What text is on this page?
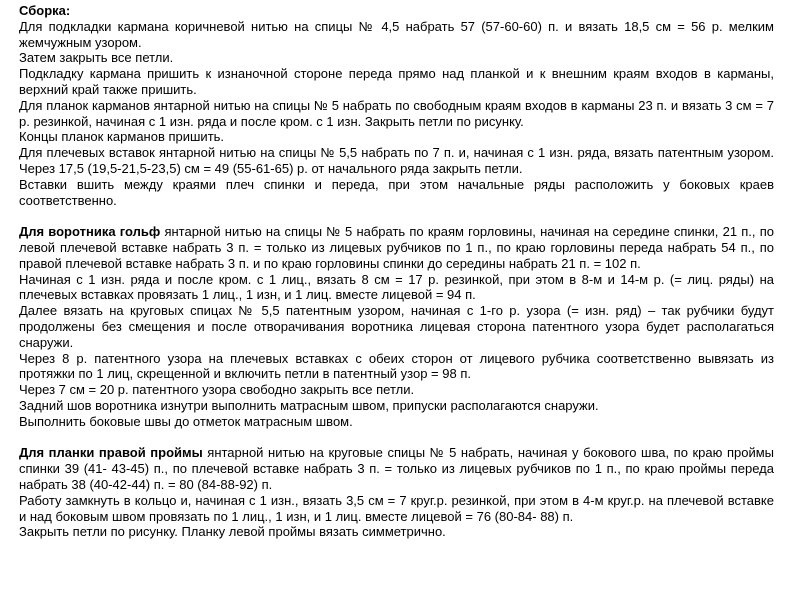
Сборка:

Для подкладки кармана коричневой нитью на спицы № 4,5 набрать 57 (57-60-60) п. и вязать 18,5 см = 56 р. мелким жемчужным узором.

Затем закрыть все петли.

Подкладку кармана пришить к изнаночной стороне переда прямо над планкой и к внешним краям входов в карманы, верхний край также пришить.

Для планок карманов янтарной нитью на спицы № 5 набрать по свободным краям входов в карманы 23 п. и вязать 3 см = 7 р. резинкой, начиная с 1 изн. ряда и после кром. с 1 изн. Закрыть петли по рисунку.

Концы планок карманов пришить.

Для плечевых вставок янтарной нитью на спицы № 5,5 набрать по 7 п. и, начиная с 1 изн. ряда, вязать патентным узором. Через 17,5 (19,5-21,5-23,5) см = 49 (55-61-65) р. от начального ряда закрыть петли.

Вставки вшить между краями плеч спинки и переда, при этом начальные ряды расположить у боковых краев соответственно.

Для воротника гольф янтарной нитью на спицы № 5 набрать по краям горловины, начиная на середине спинки, 21 п., по левой плечевой вставке набрать 3 п. = только из лицевых рубчиков по 1 п., по краю горловины переда набрать 54 п., по правой плечевой вставке набрать 3 п. и по краю горловины спинки до середины набрать 21 п. = 102 п.

Начиная с 1 изн. ряда и после кром. с 1 лиц., вязать 8 см = 17 р. резинкой, при этом в 8-м и 14-м р. (= лиц. ряды) на плечевых вставках провязать 1 лиц., 1 изн, и 1 лиц. вместе лицевой = 94 п.

Далее вязать на круговых спицах № 5,5 патентным узором, начиная с 1-го р. узора (= изн. ряд) – так рубчики будут продолжены без смещения и после отворачивания воротника лицевая сторона патентного узора будет располагаться снаружи.

Через 8 р. патентного узора на плечевых вставках с обеих сторон от лицевого рубчика соответственно вывязать из протяжки по 1 лиц, скрещенной и включить петли в патентный узор = 98 п.

Через 7 см = 20 р. патентного узора свободно закрыть все петли.

Задний шов воротника изнутри выполнить матрасным швом, припуски располагаются снаружи.

Выполнить боковые швы до отметок матрасным швом.

Для планки правой проймы янтарной нитью на круговые спицы № 5 набрать, начиная у бокового шва, по краю проймы спинки 39 (41- 43-45) п., по плечевой вставке набрать 3 п. = только из лицевых рубчиков по 1 п., по краю проймы переда набрать 38 (40-42-44) п. = 80 (84-88-92) п.

Работу замкнуть в кольцо и, начиная с 1 изн., вязать 3,5 см = 7 круг.р. резинкой, при этом в 4-м круг.р. на плечевой вставке и над боковым швом провязать по 1 лиц., 1 изн, и 1 лиц. вместе лицевой = 76 (80-84- 88) п.

Закрыть петли по рисунку. Планку левой проймы вязать симметрично.
